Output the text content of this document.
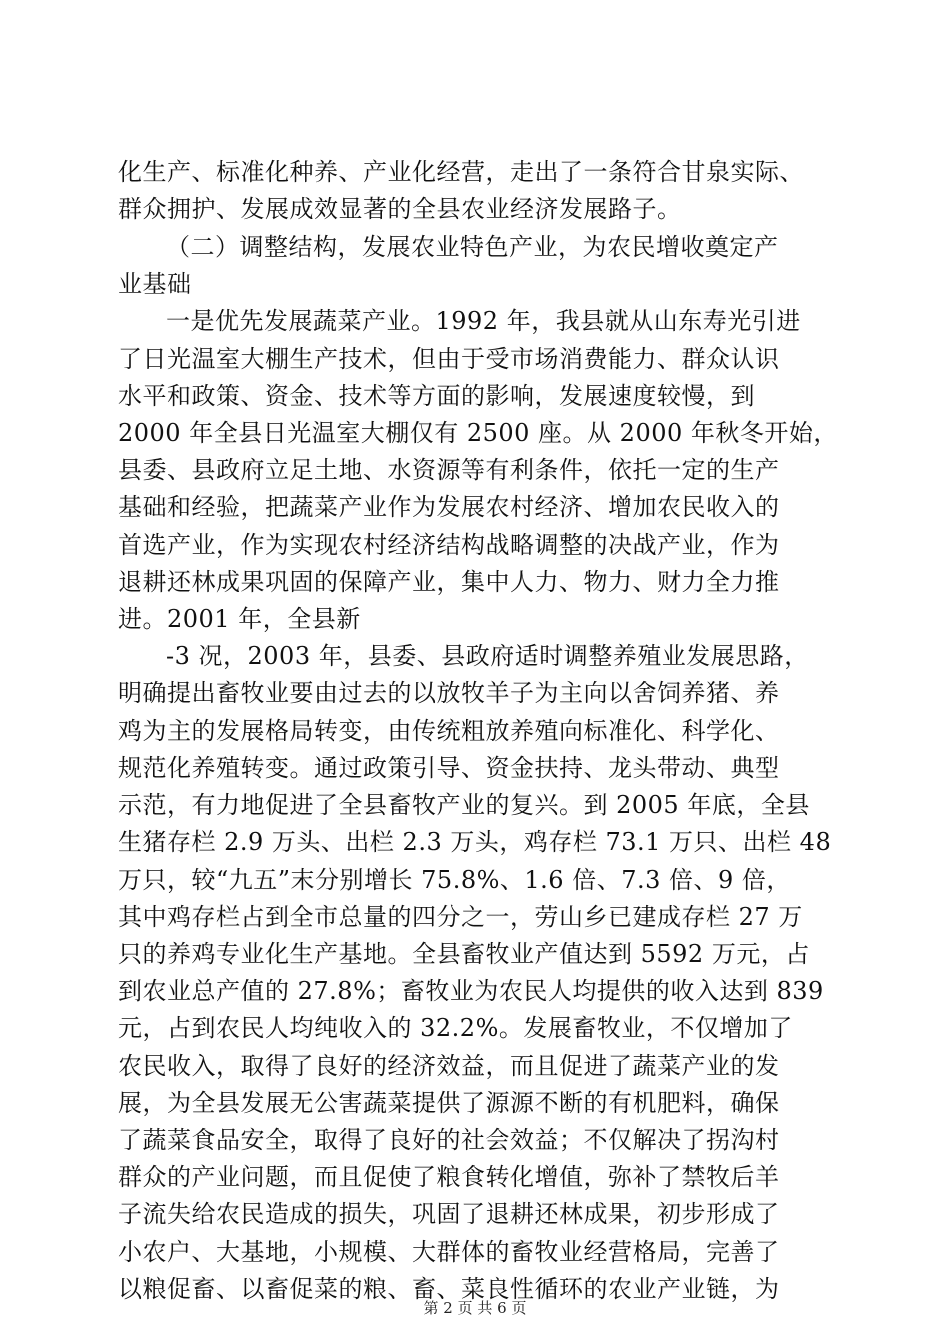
化生产、标准化种养、产业化经营，走出了一条符合甘泉实际、
群众拥护、发展成效显著的全县农业经济发展路子。
（二）调整结构，发展农业特色产业，为农民增收奠定产
业基础
一是优先发展蔬菜产业。1992 年，我县就从山东寿光引进
了日光温室大棚生产技术，但由于受市场消费能力、群众认识
水平和政策、资金、技术等方面的影响，发展速度较慢，到
2000 年全县日光温室大棚仅有 2500 座。从 2000 年秋冬开始，
县委、县政府立足土地、水资源等有利条件，依托一定的生产
基础和经验，把蔬菜产业作为发展农村经济、增加农民收入的
首选产业，作为实现农村经济结构战略调整的决战产业，作为
退耕还林成果巩固的保障产业，集中人力、物力、财力全力推
进。2001 年，全县新
-3 况，2003 年，县委、县政府适时调整养殖业发展思路，
明确提出畜牧业要由过去的以放牧羊子为主向以舍饲养猪、养
鸡为主的发展格局转变，由传统粗放养殖向标准化、科学化、
规范化养殖转变。通过政策引导、资金扶持、龙头带动、典型
示范，有力地促进了全县畜牧产业的复兴。到 2005 年底，全县
生猪存栏 2.9 万头、出栏 2.3 万头，鸡存栏 73.1 万只、出栏 48
万只，较“九五”末分别增长 75.8%、1.6 倍、7.3 倍、9 倍，
其中鸡存栏占到全市总量的四分之一，劳山乡已建成存栏 27 万
只的养鸡专业化生产基地。全县畜牧业产值达到 5592 万元，占
到农业总产值的 27.8%；畜牧业为农民人均提供的收入达到 839
元，占到农民人均纯收入的 32.2%。发展畜牧业，不仅增加了
农民收入，取得了良好的经济效益，而且促进了蔬菜产业的发
展，为全县发展无公害蔬菜提供了源源不断的有机肥料，确保
了蔬菜食品安全，取得了良好的社会效益；不仅解决了拐沟村
群众的产业问题，而且促使了粮食转化增值，弥补了禁牧后羊
子流失给农民造成的损失，巩固了退耕还林成果，初步形成了
小农户、大基地，小规模、大群体的畜牧业经营格局，完善了
以粮促畜、以畜促菜的粮、畜、菜良性循环的农业产业链，为
第 2 页 共 6 页
